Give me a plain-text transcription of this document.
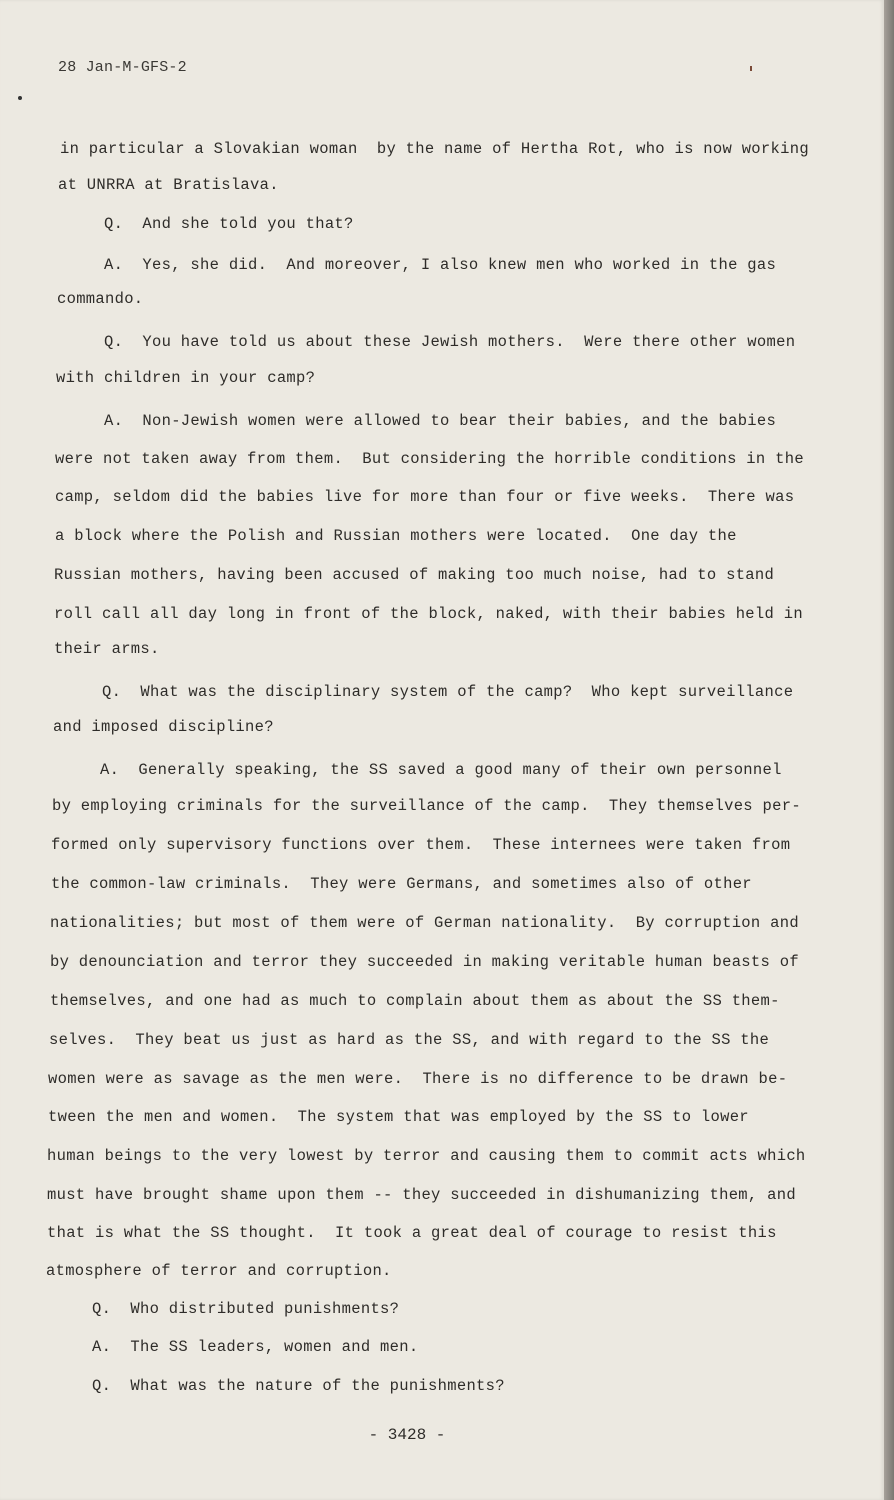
28 Jan-M-GFS-2
in particular a Slovakian woman  by the name of Hertha Rot, who is now working
at UNRRA at Bratislava.
Q.  And she told you that?
A.  Yes, she did.  And moreover, I also knew men who worked in the gas
commando.
Q.  You have told us about these Jewish mothers.  Were there other women
with children in your camp?
A.  Non-Jewish women were allowed to bear their babies, and the babies
were not taken away from them.  But considering the horrible conditions in the
camp, seldom did the babies live for more than four or five weeks.  There was
a block where the Polish and Russian mothers were located.  One day the
Russian mothers, having been accused of making too much noise, had to stand
roll call all day long in front of the block, naked, with their babies held in
their arms.
Q.  What was the disciplinary system of the camp?  Who kept surveillance
and imposed discipline?
A.  Generally speaking, the SS saved a good many of their own personnel
by employing criminals for the surveillance of the camp.  They themselves per-
formed only supervisory functions over them.  These internees were taken from
the common-law criminals.  They were Germans, and sometimes also of other
nationalities; but most of them were of German nationality.  By corruption and
by denounciation and terror they succeeded in making veritable human beasts of
themselves, and one had as much to complain about them as about the SS them-
selves.  They beat us just as hard as the SS, and with regard to the SS the
women were as savage as the men were.  There is no difference to be drawn be-
tween the men and women.  The system that was employed by the SS to lower
human beings to the very lowest by terror and causing them to commit acts which
must have brought shame upon them -- they succeeded in dishumanizing them, and
that is what the SS thought.  It took a great deal of courage to resist this
atmosphere of terror and corruption.
Q.  Who distributed punishments?
A.  The SS leaders, women and men.
Q.  What was the nature of the punishments?
- 3428 -
